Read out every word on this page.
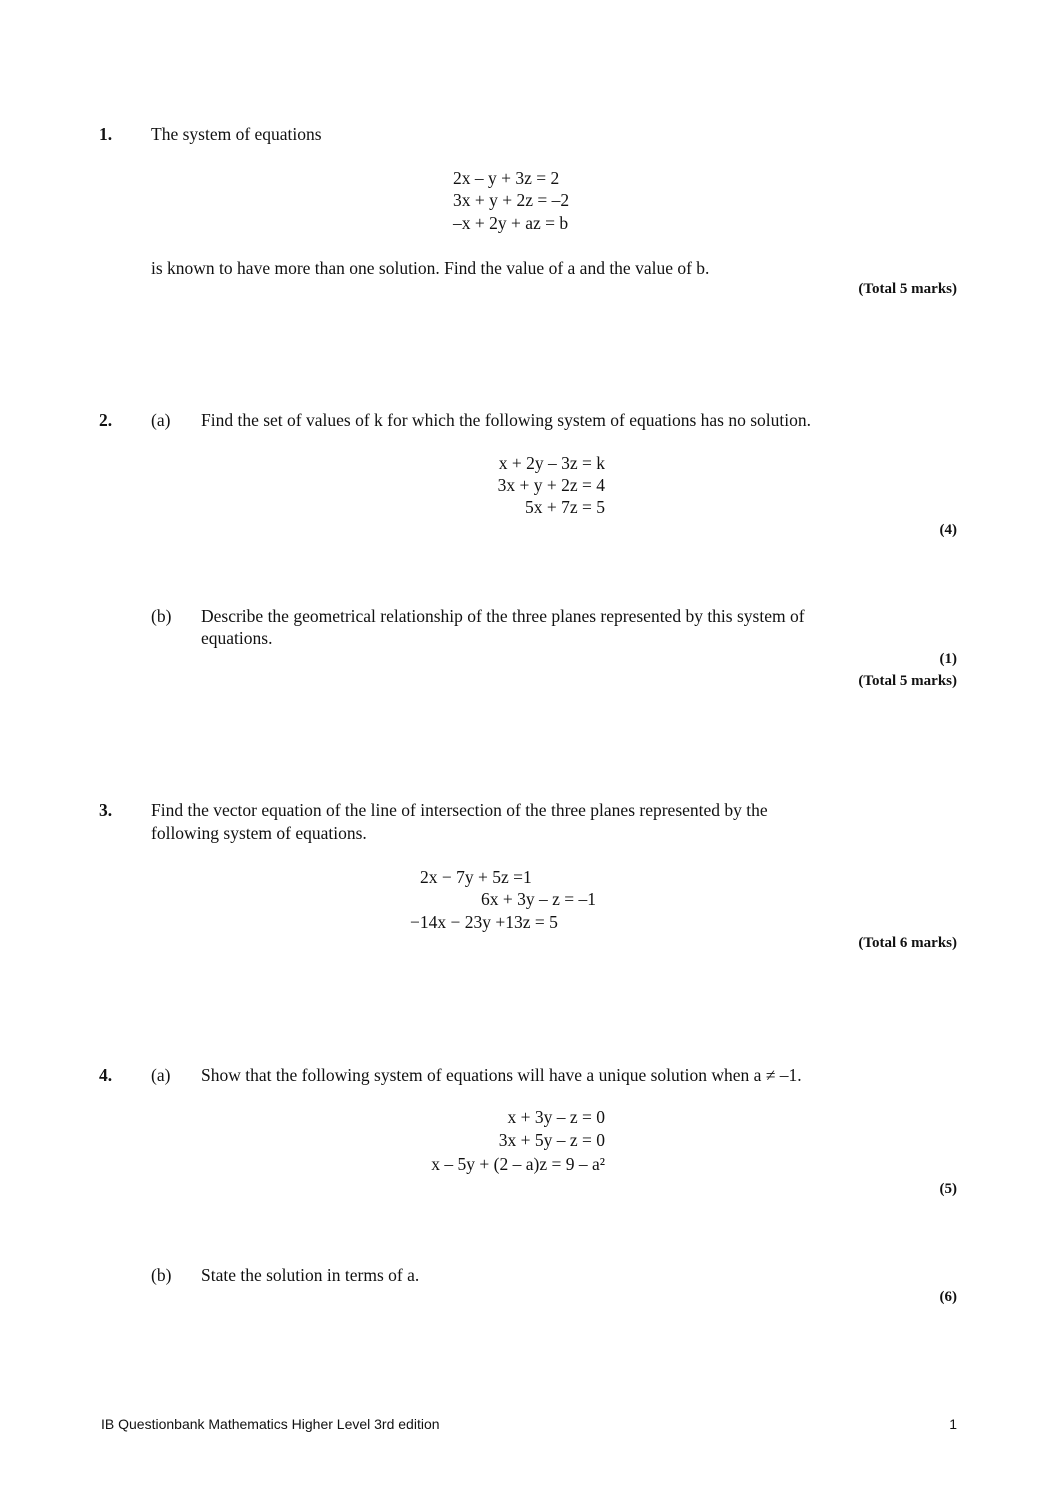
1. The system of equations
2x – y + 3z = 2
3x + y + 2z = –2
–x + 2y + az = b
is known to have more than one solution. Find the value of a and the value of b.
(Total 5 marks)
2. (a) Find the set of values of k for which the following system of equations has no solution.
x + 2y – 3z = k
3x + y + 2z = 4
5x + 7z = 5
(4)
(b) Describe the geometrical relationship of the three planes represented by this system of
equations.
(1)
(Total 5 marks)
3. Find the vector equation of the line of intersection of the three planes represented by the
following system of equations.
2x − 7y + 5z =1
6x + 3y – z = –1
−14x − 23y +13z = 5
(Total 6 marks)
4. (a) Show that the following system of equations will have a unique solution when a ≠ –1.
x + 3y – z = 0
3x + 5y – z = 0
x – 5y + (2 – a)z = 9 – a²
(5)
(b) State the solution in terms of a.
(6)
IB Questionbank Mathematics Higher Level 3rd edition	1
